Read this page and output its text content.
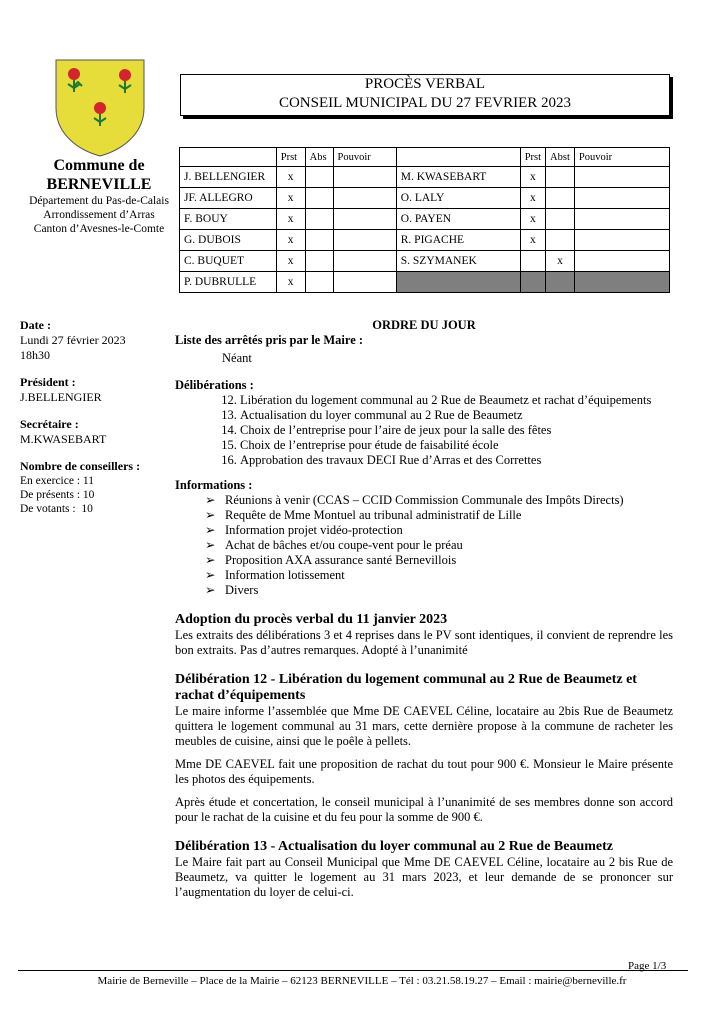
Commune de
BERNEVILLE
Département du Pas-de-Calais
Arrondissement d’Arras
Canton d’Avesnes-le-Comte
PROCÈS VERBAL
CONSEIL MUNICIPAL DU 27 FEVRIER 2023
	Prst	Abs	Pouvoir		Prst	Abst	Pouvoir
J. BELLENGIER	x			M. KWASEBART	x		
JF. ALLEGRO	x			O. LALY	x		
F. BOUY	x			O. PAYEN	x		
G. DUBOIS	x			R. PIGACHE	x		
C. BUQUET	x			S. SZYMANEK		x	
P. DUBRULLE	x						
Date :
Lundi 27 février 2023
18h30
Président :
J.BELLENGIER
Secrétaire :
M.KWASEBART
Nombre de conseillers :
En exercice : 11
De présents : 10
De votants :  10
ORDRE DU JOUR
Liste des arrêtés pris par le Maire :
Néant
Délibérations :
12. Libération du logement communal au 2 Rue de Beaumetz et rachat d’équipements
13. Actualisation du loyer communal au 2 Rue de Beaumetz
14. Choix de l’entreprise pour l’aire de jeux pour la salle des fêtes
15. Choix de l’entreprise pour étude de faisabilité école
16. Approbation des travaux DECI Rue d’Arras et des Correttes
Informations :
➢ Réunions à venir (CCAS – CCID Commission Communale des Impôts Directs)
➢ Requête de Mme Montuel au tribunal administratif de Lille
➢ Information projet vidéo-protection
➢ Achat de bâches et/ou coupe-vent pour le préau
➢ Proposition AXA assurance santé Bernevillois
➢ Information lotissement
➢ Divers
Adoption du procès verbal du 11 janvier 2023

Les extraits des délibérations 3 et 4 reprises dans le PV sont identiques, il convient de reprendre les bon extraits. Pas d’autres remarques. Adopté à l’unanimité

Délibération 12 - Libération du logement communal au 2 Rue de Beaumetz et rachat d’équipements

Le maire informe l’assemblée que Mme DE CAEVEL Céline, locataire au 2bis Rue de Beaumetz quittera le logement communal au 31 mars, cette dernière propose à la commune de racheter les meubles de cuisine, ainsi que le poêle à pellets.

Mme DE CAEVEL fait une proposition de rachat du tout pour 900 €. Monsieur le Maire présente les photos des équipements.

Après étude et concertation, le conseil municipal à l’unanimité de ses membres donne son accord pour le rachat de la cuisine et du feu pour la somme de 900 €.

Délibération 13 - Actualisation du loyer communal au 2 Rue de Beaumetz

Le Maire fait part au Conseil Municipal que Mme DE CAEVEL Céline, locataire au 2 bis Rue de Beaumetz, va quitter le logement au 31 mars 2023, et leur demande de se prononcer sur l’augmentation du loyer de celui-ci.

Page 1/3
Mairie de Berneville – Place de la Mairie – 62123 BERNEVILLE – Tél : 03.21.58.19.27 – Email : mairie@berneville.fr
